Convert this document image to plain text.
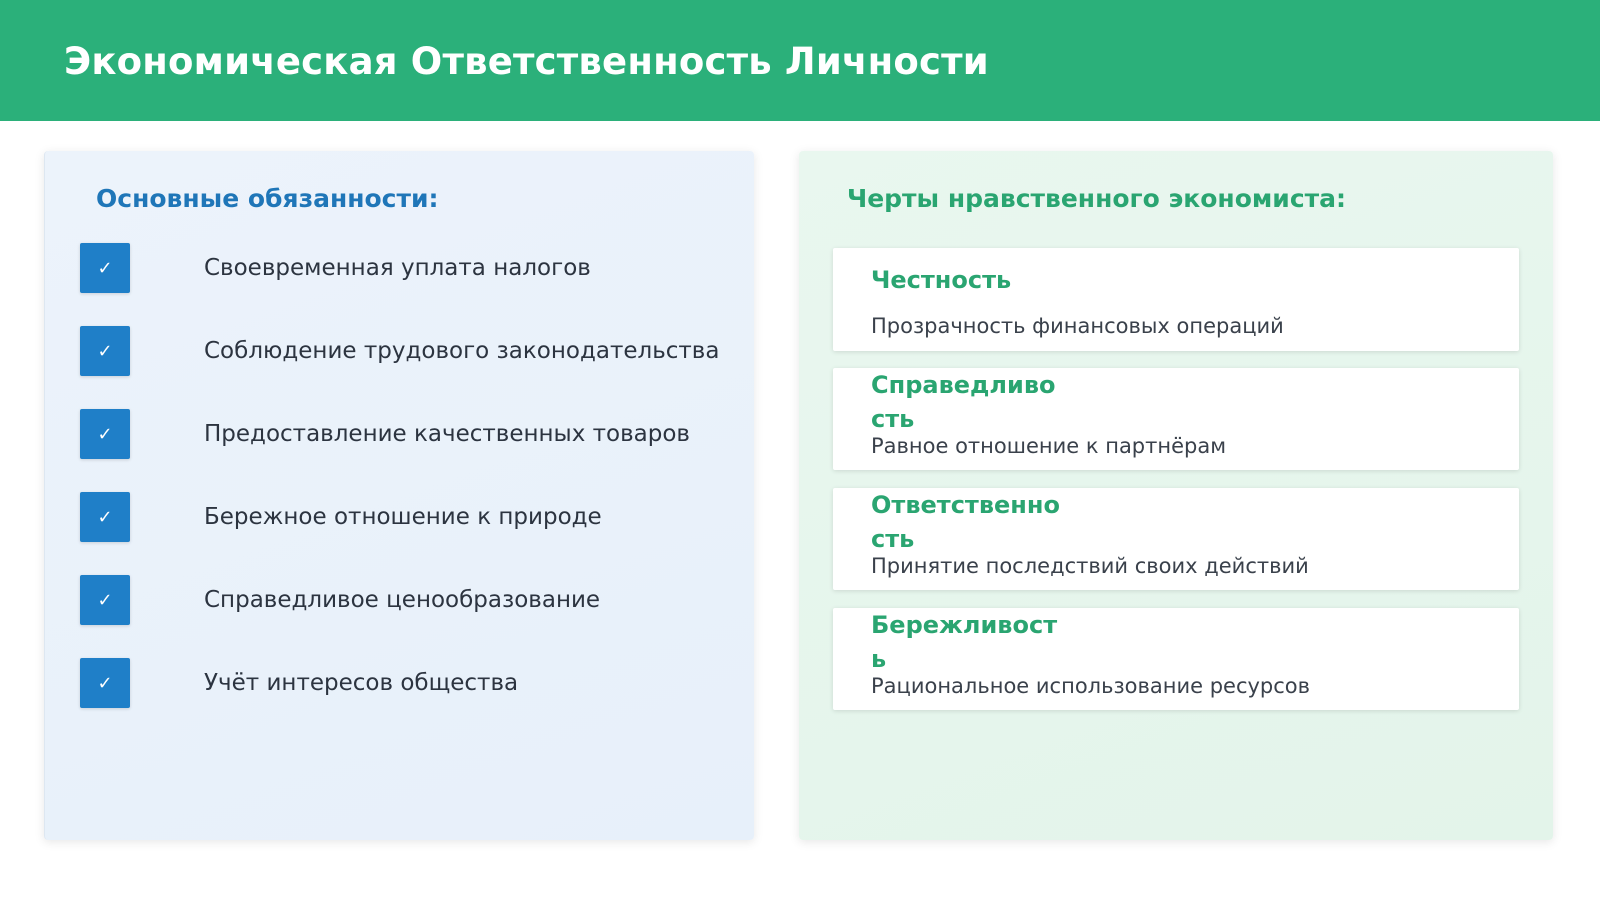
Экономическая Ответственность Личности
Основные обязанности:
✓	Своевременная уплата налогов
✓	Соблюдение трудового законодательства
✓	Предоставление качественных товаров
✓	Бережное отношение к природе
✓	Справедливое ценообразование
✓	Учёт интересов общества
Черты нравственного экономиста:
Честность
Прозрачность финансовых операций
Справедливо
сть
Равное отношение к партнёрам
Ответственно
сть
Принятие последствий своих действий
Бережливост
ь
Рациональное использование ресурсов
